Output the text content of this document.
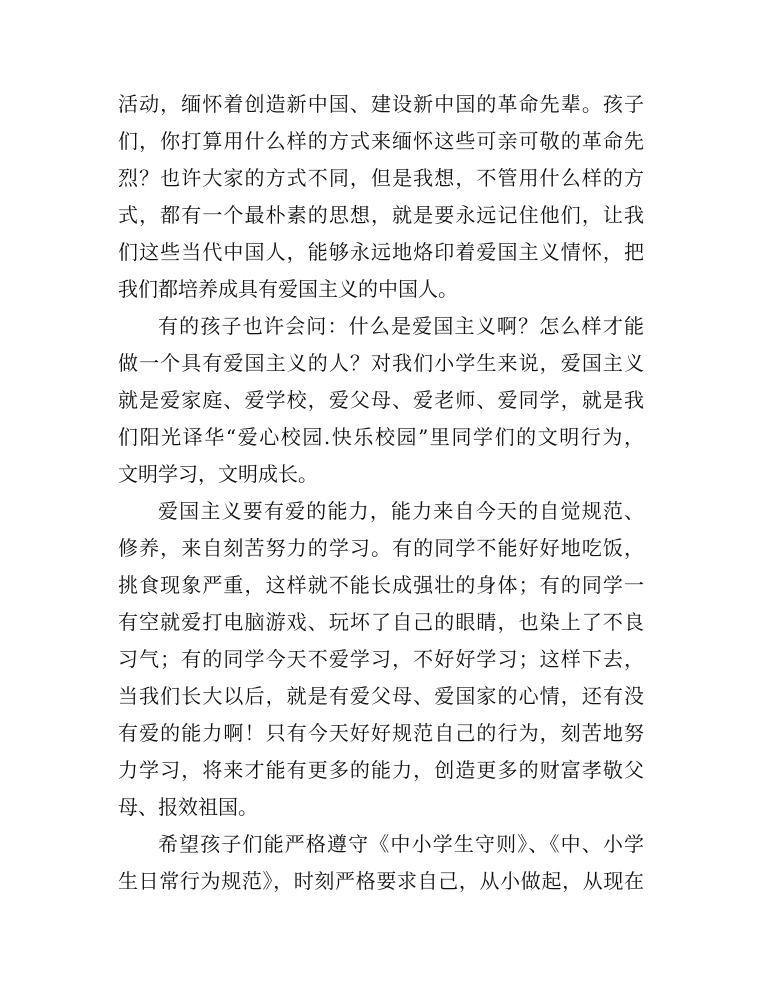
活动，缅怀着创造新中国、建设新中国的革命先辈。孩子
们，你打算用什么样的方式来缅怀这些可亲可敬的革命先
烈？也许大家的方式不同，但是我想，不管用什么样的方
式，都有一个最朴素的思想，就是要永远记住他们，让我
们这些当代中国人，能够永远地烙印着爱国主义情怀，把
我们都培养成具有爱国主义的中国人。
有的孩子也许会问：什么是爱国主义啊？怎么样才能
做一个具有爱国主义的人？对我们小学生来说，爱国主义
就是爱家庭、爱学校，爱父母、爱老师、爱同学，就是我
们阳光译华“爱心校园.快乐校园”里同学们的文明行为，
文明学习，文明成长。
爱国主义要有爱的能力，能力来自今天的自觉规范、
修养，来自刻苦努力的学习。有的同学不能好好地吃饭，
挑食现象严重，这样就不能长成强壮的身体；有的同学一
有空就爱打电脑游戏、玩坏了自己的眼睛，也染上了不良
习气；有的同学今天不爱学习，不好好学习；这样下去，
当我们长大以后，就是有爱父母、爱国家的心情，还有没
有爱的能力啊！只有今天好好规范自己的行为，刻苦地努
力学习，将来才能有更多的能力，创造更多的财富孝敬父
母、报效祖国。
希望孩子们能严格遵守《中小学生守则》、《中、小学
生日常行为规范》，时刻严格要求自己，从小做起，从现在
